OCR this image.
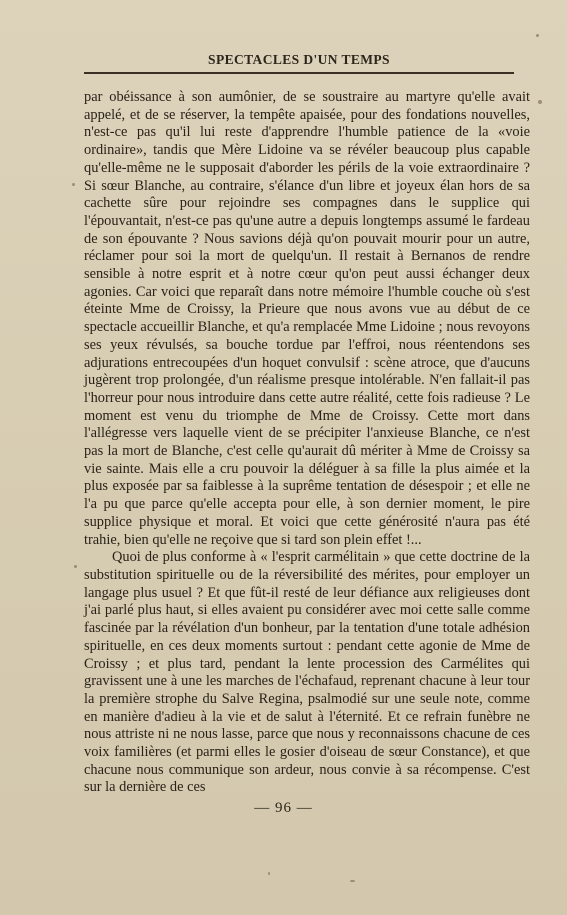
SPECTACLES D'UN TEMPS

par obéissance à son aumônier, de se soustraire au martyre qu'elle avait appelé, et de se réserver, la tempête apaisée, pour des fondations nouvelles, n'est-ce pas qu'il lui reste d'apprendre l'humble patience de la «voie ordinaire», tandis que Mère Lidoine va se révéler beaucoup plus capable qu'elle-même ne le supposait d'aborder les périls de la voie extraordinaire ? Si sœur Blanche, au contraire, s'élance d'un libre et joyeux élan hors de sa cachette sûre pour rejoindre ses compagnes dans le supplice qui l'épouvantait, n'est-ce pas qu'une autre a depuis longtemps assumé le fardeau de son épouvante ? Nous savions déjà qu'on pouvait mourir pour un autre, réclamer pour soi la mort de quelqu'un. Il restait à Bernanos de rendre sensible à notre esprit et à notre cœur qu'on peut aussi échanger deux agonies. Car voici que reparaît dans notre mémoire l'humble couche où s'est éteinte Mme de Croissy, la Prieure que nous avons vue au début de ce spectacle accueillir Blanche, et qu'a remplacée Mme Lidoine ; nous revoyons ses yeux révulsés, sa bouche tordue par l'effroi, nous réentendons ses adjurations entrecoupées d'un hoquet convulsif : scène atroce, que d'aucuns jugèrent trop prolongée, d'un réalisme presque intolérable. N'en fallait-il pas l'horreur pour nous introduire dans cette autre réalité, cette fois radieuse ? Le moment est venu du triomphe de Mme de Croissy. Cette mort dans l'allégresse vers laquelle vient de se précipiter l'anxieuse Blanche, ce n'est pas la mort de Blanche, c'est celle qu'aurait dû mériter à Mme de Croissy sa vie sainte. Mais elle a cru pouvoir la déléguer à sa fille la plus aimée et la plus exposée par sa faiblesse à la suprême tentation de désespoir ; et elle ne l'a pu que parce qu'elle accepta pour elle, à son dernier moment, le pire supplice physique et moral. Et voici que cette générosité n'aura pas été trahie, bien qu'elle ne reçoive que si tard son plein effet !...

Quoi de plus conforme à « l'esprit carmélitain » que cette doctrine de la substitution spirituelle ou de la réversibilité des mérites, pour employer un langage plus usuel ? Et que fût-il resté de leur défiance aux religieuses dont j'ai parlé plus haut, si elles avaient pu considérer avec moi cette salle comme fascinée par la révélation d'un bonheur, par la tentation d'une totale adhésion spirituelle, en ces deux moments surtout : pendant cette agonie de Mme de Croissy ; et plus tard, pendant la lente procession des Carmélites qui gravissent une à une les marches de l'échafaud, reprenant chacune à leur tour la première strophe du Salve Regina, psalmodié sur une seule note, comme en manière d'adieu à la vie et de salut à l'éternité. Et ce refrain funèbre ne nous attriste ni ne nous lasse, parce que nous y reconnaissons chacune de ces voix familières (et parmi elles le gosier d'oiseau de sœur Constance), et que chacune nous communique son ardeur, nous convie à sa récompense. C'est sur la dernière de ces

— 96 —
